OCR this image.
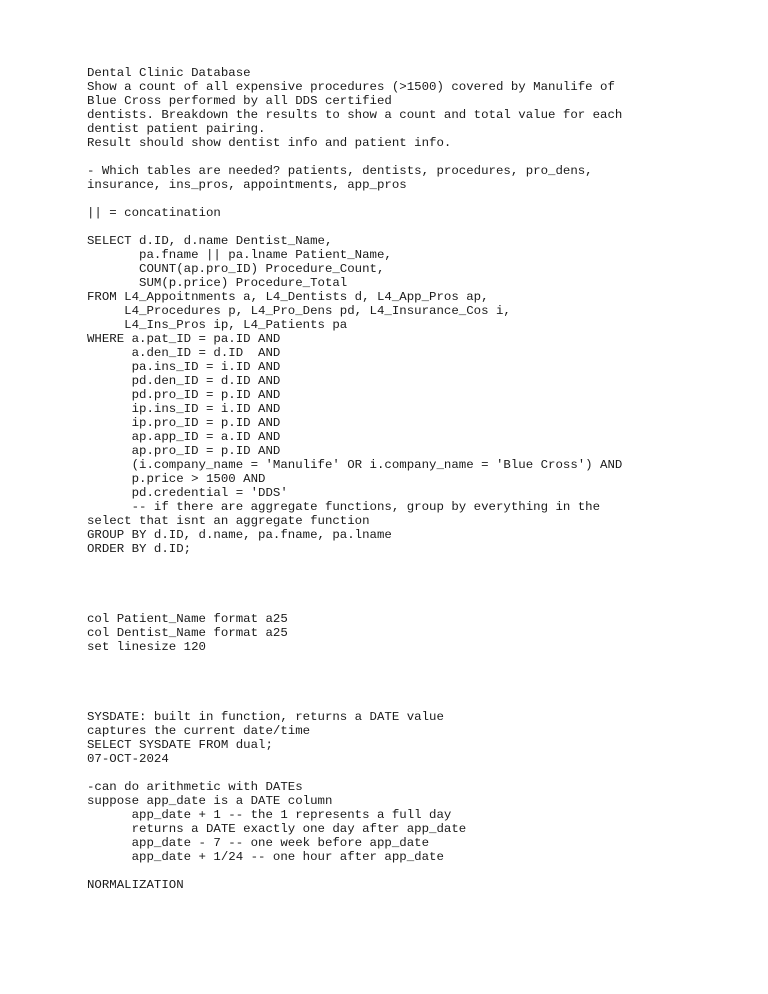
Dental Clinic Database
Show a count of all expensive procedures (>1500) covered by Manulife of
Blue Cross performed by all DDS certified
dentists. Breakdown the results to show a count and total value for each
dentist patient pairing.
Result should show dentist info and patient info.
- Which tables are needed? patients, dentists, procedures, pro_dens,
insurance, ins_pros, appointments, app_pros
|| = concatination
SELECT d.ID, d.name Dentist_Name,
pa.fname || pa.lname Patient_Name,
COUNT(ap.pro_ID) Procedure_Count,
SUM(p.price) Procedure_Total
FROM L4_Appoitnments a, L4_Dentists d, L4_App_Pros ap,
L4_Procedures p, L4_Pro_Dens pd, L4_Insurance_Cos i,
L4_Ins_Pros ip, L4_Patients pa
WHERE a.pat_ID = pa.ID AND
a.den_ID = d.ID  AND
pa.ins_ID = i.ID AND
pd.den_ID = d.ID AND
pd.pro_ID = p.ID AND
ip.ins_ID = i.ID AND
ip.pro_ID = p.ID AND
ap.app_ID = a.ID AND
ap.pro_ID = p.ID AND
(i.company_name = 'Manulife' OR i.company_name = 'Blue Cross') AND
p.price > 1500 AND
pd.credential = 'DDS'
-- if there are aggregate functions, group by everything in the
select that isnt an aggregate function
GROUP BY d.ID, d.name, pa.fname, pa.lname
ORDER BY d.ID;
col Patient_Name format a25
col Dentist_Name format a25
set linesize 120
SYSDATE: built in function, returns a DATE value
captures the current date/time
SELECT SYSDATE FROM dual;
07-OCT-2024
-can do arithmetic with DATEs
suppose app_date is a DATE column
app_date + 1 -- the 1 represents a full day
returns a DATE exactly one day after app_date
app_date - 7 -- one week before app_date
app_date + 1/24 -- one hour after app_date
NORMALIZATION
